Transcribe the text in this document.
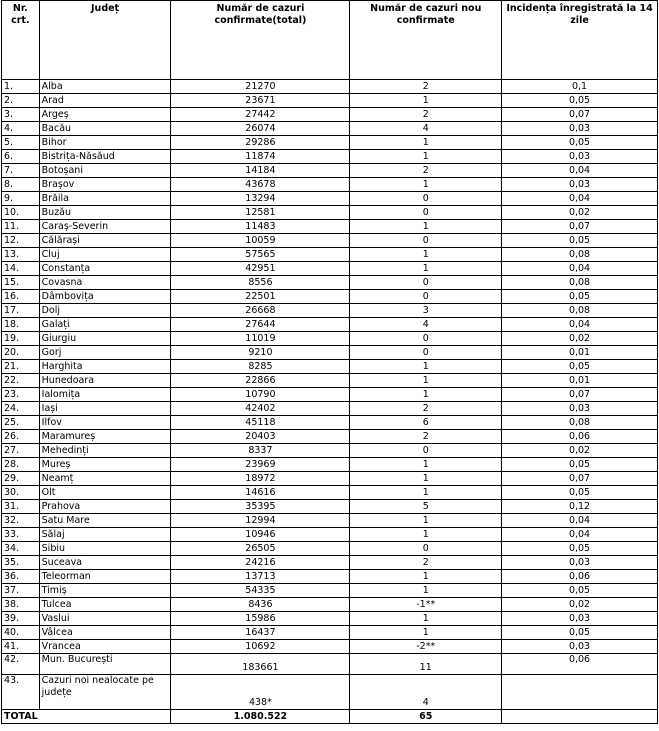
Nr. crt.	Județ	Număr de cazuri confirmate(total)	Număr de cazuri nou confirmate	Incidența înregistrată la 14 zile
1.	Alba	21270	2	0,1
2.	Arad	23671	1	0,05
3.	Argeș	27442	2	0,07
4.	Bacău	26074	4	0,03
5.	Bihor	29286	1	0,05
6.	Bistrița-Năsăud	11874	1	0,03
7.	Botoșani	14184	2	0,04
8.	Brașov	43678	1	0,03
9.	Brăila	13294	0	0,04
10.	Buzău	12581	0	0,02
11.	Caraș-Severin	11483	1	0,07
12.	Călărași	10059	0	0,05
13.	Cluj	57565	1	0,08
14.	Constanța	42951	1	0,04
15.	Covasna	8556	0	0,08
16.	Dâmbovița	22501	0	0,05
17.	Dolj	26668	3	0,08
18.	Galați	27644	4	0,04
19.	Giurgiu	11019	0	0,02
20.	Gorj	9210	0	0,01
21.	Harghita	8285	1	0,05
22.	Hunedoara	22866	1	0,01
23.	Ialomița	10790	1	0,07
24.	Iași	42402	2	0,03
25.	Ilfov	45118	6	0,08
26.	Maramureș	20403	2	0,06
27.	Mehedinți	8337	0	0,02
28.	Mureș	23969	1	0,05
29.	Neamț	18972	1	0,07
30.	Olt	14616	1	0,05
31.	Prahova	35395	5	0,12
32.	Satu Mare	12994	1	0,04
33.	Sălaj	10946	1	0,04
34.	Sibiu	26505	0	0,05
35.	Suceava	24216	2	0,03
36.	Teleorman	13713	1	0,06
37.	Timiș	54335	1	0,05
38.	Tulcea	8436	-1**	0,02
39.	Vaslui	15986	1	0,03
40.	Vâlcea	16437	1	0,05
41.	Vrancea	10692	-2**	0,03
42.	Mun. București	183661	11	0,06
43.	Cazuri noi nealocate pe județe	438*	4	
TOTAL		1.080.522	65	
